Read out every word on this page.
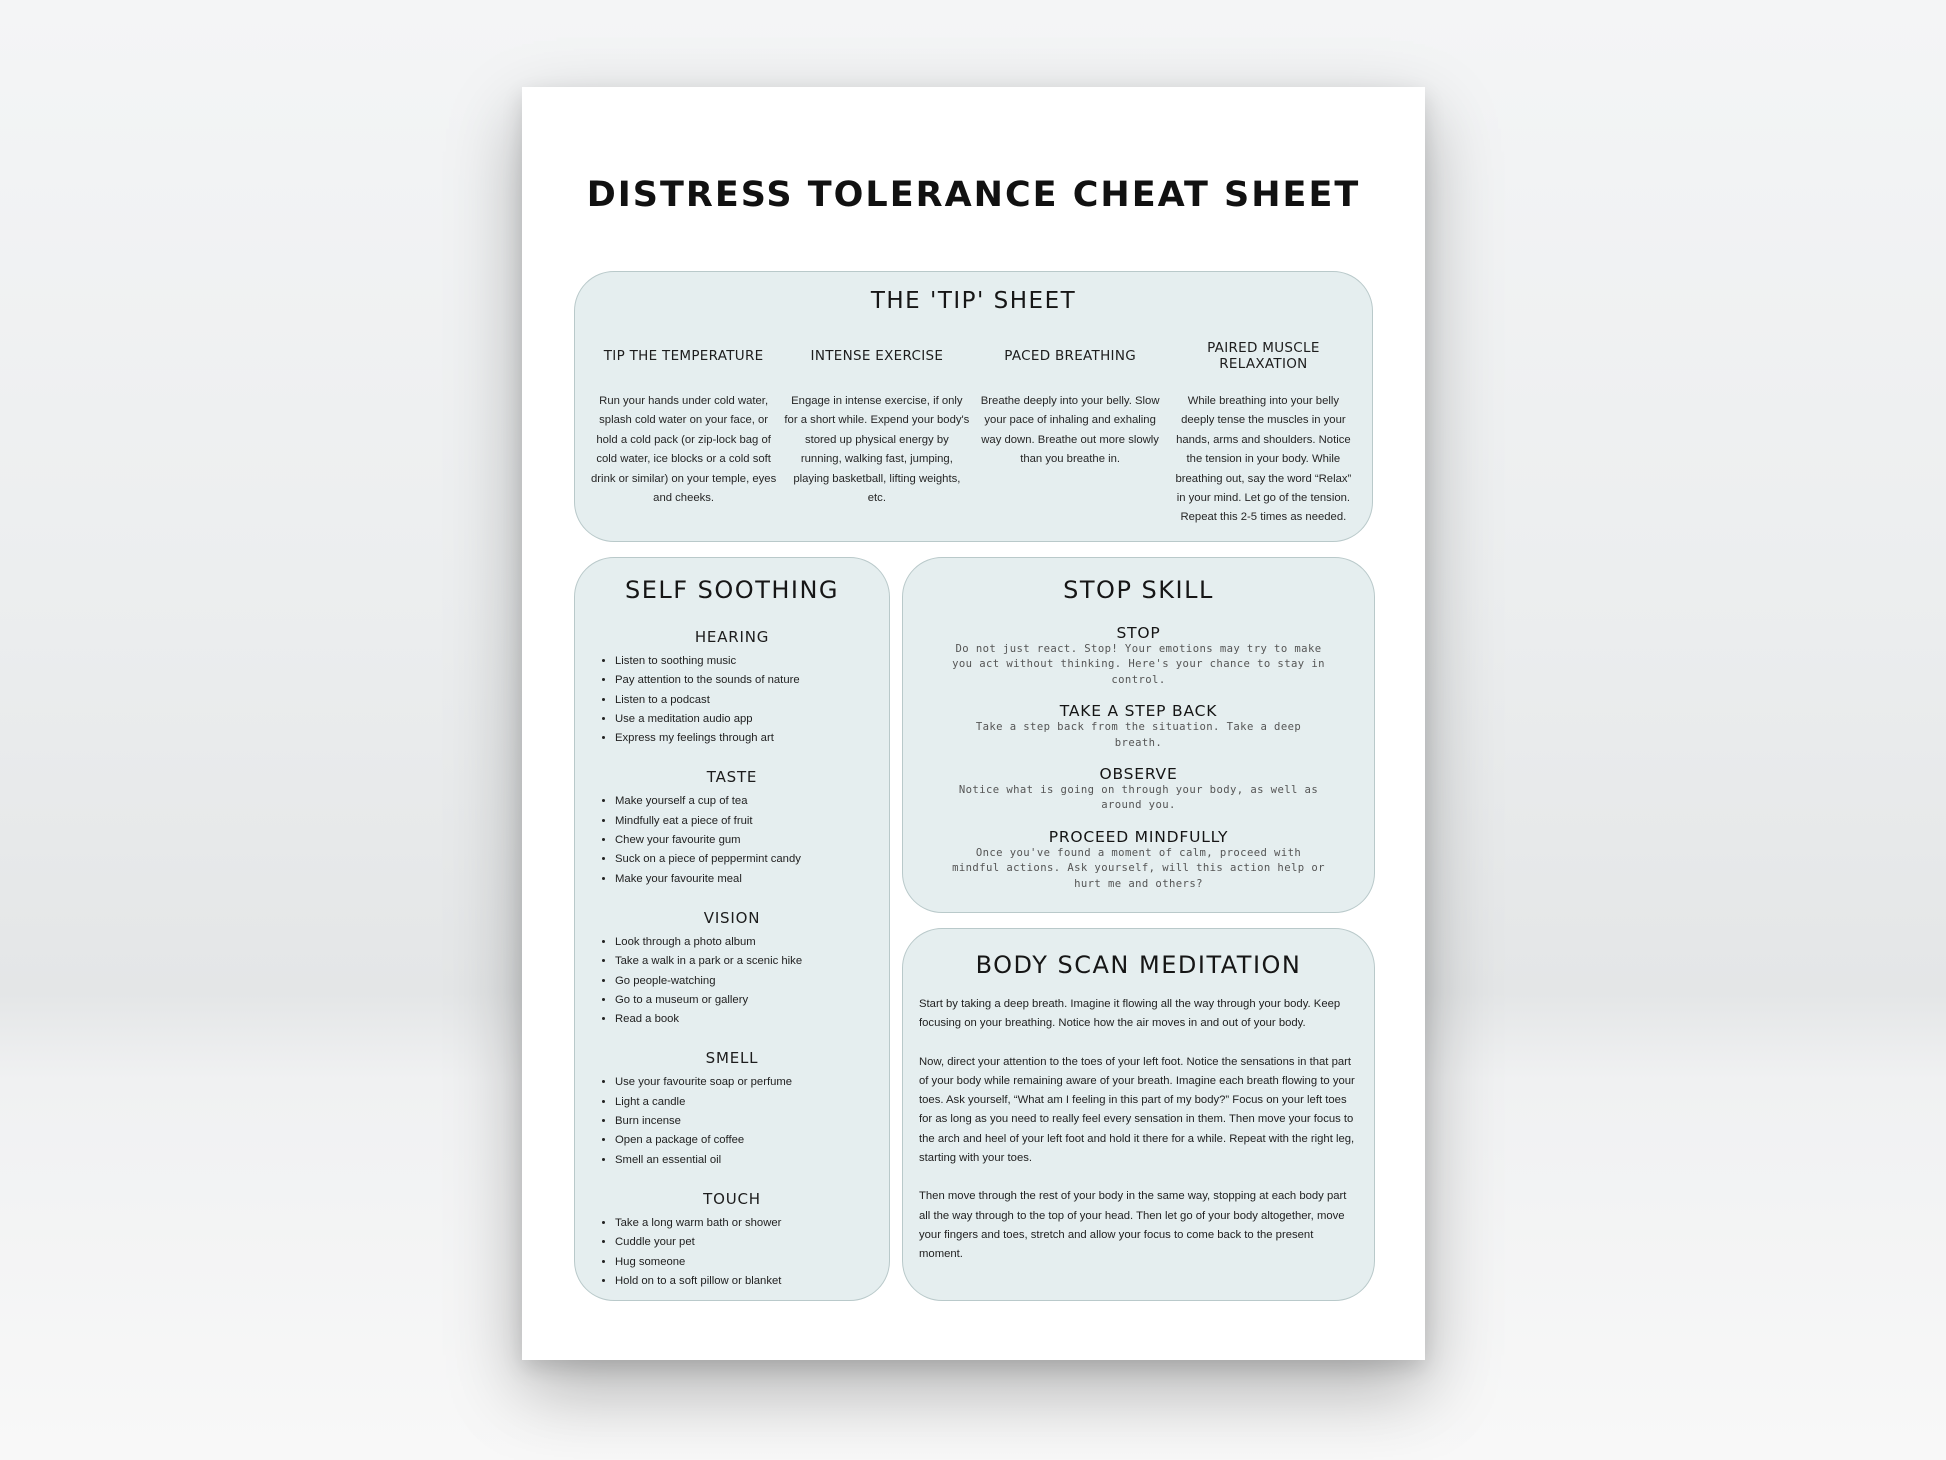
DISTRESS TOLERANCE CHEAT SHEET
THE 'TIP' SHEET
TIP THE TEMPERATURE
Run your hands under cold water, splash cold water on your face, or hold a cold pack (or zip-lock bag of cold water, ice blocks or a cold soft drink or similar) on your temple, eyes and cheeks.
INTENSE EXERCISE
Engage in intense exercise, if only for a short while. Expend your body's stored up physical energy by running, walking fast, jumping, playing basketball, lifting weights, etc.
PACED BREATHING
Breathe deeply into your belly. Slow your pace of inhaling and exhaling way down. Breathe out more slowly than you breathe in.
PAIRED MUSCLE RELAXATION
While breathing into your belly deeply tense the muscles in your hands, arms and shoulders. Notice the tension in your body. While breathing out, say the word “Relax” in your mind. Let go of the tension. Repeat this 2-5 times as needed.
SELF SOOTHING
HEARING
• Listen to soothing music
• Pay attention to the sounds of nature
• Listen to a podcast
• Use a meditation audio app
• Express my feelings through art
TASTE
• Make yourself a cup of tea
• Mindfully eat a piece of fruit
• Chew your favourite gum
• Suck on a piece of peppermint candy
• Make your favourite meal
VISION
• Look through a photo album
• Take a walk in a park or a scenic hike
• Go people-watching
• Go to a museum or gallery
• Read a book
SMELL
• Use your favourite soap or perfume
• Light a candle
• Burn incense
• Open a package of coffee
• Smell an essential oil
TOUCH
• Take a long warm bath or shower
• Cuddle your pet
• Hug someone
• Hold on to a soft pillow or blanket
STOP SKILL
STOP
Do not just react. Stop! Your emotions may try to make you act without thinking. Here's your chance to stay in control.
TAKE A STEP BACK
Take a step back from the situation. Take a deep breath.
OBSERVE
Notice what is going on through your body, as well as around you.
PROCEED MINDFULLY
Once you've found a moment of calm, proceed with mindful actions. Ask yourself, will this action help or hurt me and others?
BODY SCAN MEDITATION

Start by taking a deep breath. Imagine it flowing all the way through your body. Keep focusing on your breathing. Notice how the air moves in and out of your body.

Now, direct your attention to the toes of your left foot. Notice the sensations in that part of your body while remaining aware of your breath. Imagine each breath flowing to your toes. Ask yourself, “What am I feeling in this part of my body?” Focus on your left toes for as long as you need to really feel every sensation in them. Then move your focus to the arch and heel of your left foot and hold it there for a while. Repeat with the right leg, starting with your toes.

Then move through the rest of your body in the same way, stopping at each body part all the way through to the top of your head. Then let go of your body altogether, move your fingers and toes, stretch and allow your focus to come back to the present moment.
